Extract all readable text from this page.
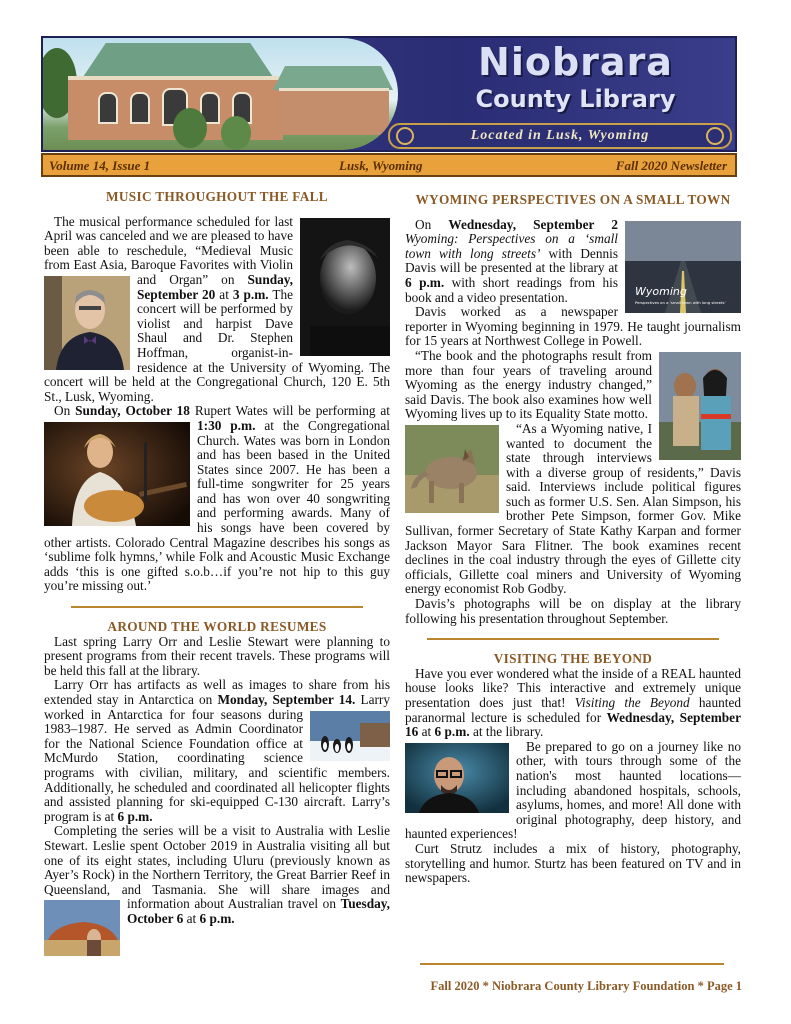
Niobrara
County Library
Located in Lusk, Wyoming
Volume 14, Issue 1	Lusk, Wyoming	Fall 2020 Newsletter
MUSIC THROUGHOUT THE FALL

The musical performance scheduled for last April was canceled and we are pleased to have been able to reschedule, “Medieval Music from East Asia, Baroque Favorites with Violin and Organ” on
Sunday, September 20 at 3 p.m. The concert will be performed by violist and harpist Dave Shaul and Dr. Stephen Hoffman, organist-in-residence at the University of Wyoming. The concert will be held at the Congregational Church, 120 E. 5th St., Lusk, Wyoming.

On Sunday, October 18 Rupert Wates will be performing at 1:30 p.m.
at the Congregational Church. Wates was born in London and has been based in the United States since 2007. He has been a full-time songwriter for 25 years and has won over 40 songwriting and performing awards. Many of his songs have been covered by other artists. Colorado Central Magazine describes his songs as ‘sublime folk hymns,’ while Folk and Acoustic Music Exchange adds ‘this is one gifted s.o.b…if you’re not hip to this guy you’re missing out.’

AROUND THE WORLD RESUMES

Last spring Larry Orr and Leslie Stewart were planning to present programs from their recent travels. These programs will be held this fall at the library.

Larry Orr has artifacts as well as images to share from his extended stay in Antarctica on Monday, September 14.
Larry worked in Antarctica for four seasons during 1983–1987. He served as Admin Coordinator for the National Science Foundation office at McMurdo Station, coordinating science programs with civilian, military, and scientific members. Additionally, he scheduled and coordinated all helicopter flights and assisted planning for ski-equipped C-130 aircraft. Larry’s program is at 6 p.m.

Completing the series will be a visit to Australia with Leslie Stewart. Leslie spent October 2019 in Australia visiting all but one of its eight states, including Uluru (previously known as Ayer’s Rock) in the Northern Territory, the Great Barrier Reef in Queensland, and Tasmania. She will share images and information about Australian travel on
Tuesday, October 6 at 6 p.m.

WYOMING PERSPECTIVES ON A SMALL TOWN
Wyoming
Perspectives on a ‘small town with long streets’

On Wednesday, September 2 Wyoming: Perspectives on a ‘small town with long streets’ with Dennis Davis will be presented at the library at 6 p.m. with short readings from his book and a video presentation.

Davis worked as a newspaper reporter in Wyoming beginning in 1979. He taught journalism for 15 years at Northwest College in Powell.

“The book and the photographs result from more than four years of traveling around Wyoming as the energy industry changed,” said Davis. The book also examines how well Wyoming lives up to its Equality State motto.

“As a Wyoming native, I wanted to document the state through interviews with a diverse group of residents,” Davis said. Interviews include political figures such as former U.S. Sen. Alan Simpson, his brother Pete Simpson, former Gov. Mike Sullivan, former Secretary of State Kathy Karpan and former Jackson Mayor Sara Flitner. The book examines recent declines in the coal industry through the eyes of Gillette city officials, Gillette coal miners and University of Wyoming energy economist Rob Godby.

Davis’s photographs will be on display at the library following his presentation throughout September.

VISITING THE BEYOND

Have you ever wondered what the inside of a REAL haunted house looks like? This interactive and extremely unique presentation does just that! Visiting the Beyond haunted paranormal lecture is scheduled for Wednesday, September 16 at 6 p.m. at the library.

Be prepared to go on a journey like no other, with tours through some of the nation's most haunted locations—including abandoned hospitals, schools, asylums, homes, and more! All done with original photography, deep history, and haunted experiences!

Curt Strutz includes a mix of history, photography, storytelling and humor. Sturtz has been featured on TV and in newspapers.

Fall 2020 * Niobrara County Library Foundation * Page 1
